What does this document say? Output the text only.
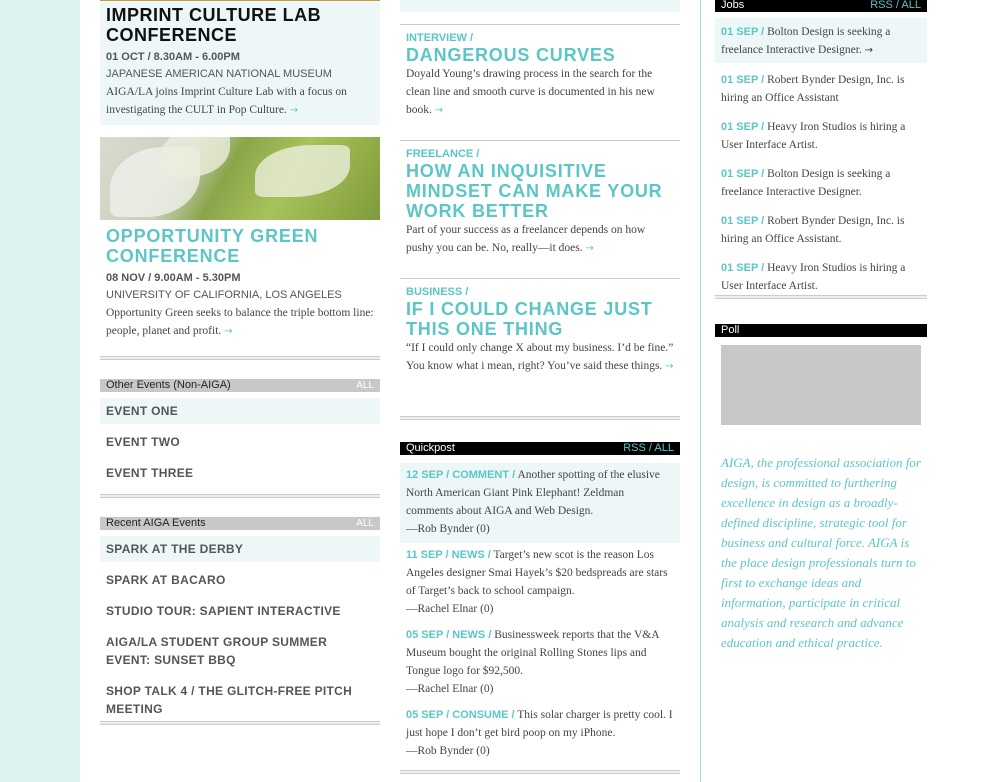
IMPRINT CULTURE LAB CONFERENCE
01 OCT / 8.30AM - 6.00PM
JAPANESE AMERICAN NATIONAL MUSEUM
AIGA/LA joins Imprint Culture Lab with a focus on investigating the CULT in Pop Culture. →
OPPORTUNITY GREEN CONFERENCE
08 NOV / 9.00AM - 5.30PM
UNIVERSITY OF CALIFORNIA, LOS ANGELES
Opportunity Green seeks to balance the triple bottom line: people, planet and profit. →
Other Events (Non-AIGA)	ALL
EVENT ONE
EVENT TWO
EVENT THREE
Recent AIGA Events	ALL
SPARK AT THE DERBY
SPARK AT BACARO
STUDIO TOUR: SAPIENT INTERACTIVE
AIGA/LA STUDENT GROUP SUMMER EVENT: SUNSET BBQ
SHOP TALK 4 / THE GLITCH-FREE PITCH MEETING
INTERVIEW /
DANGEROUS CURVES
Doyald Young’s drawing process in the search for the clean line and smooth curve is documented in his new book. →
FREELANCE /
HOW AN INQUISITIVE MINDSET CAN MAKE YOUR WORK BETTER
Part of your success as a freelancer depends on how pushy you can be. No, really—it does. →
BUSINESS /
IF I COULD CHANGE JUST THIS ONE THING
“If I could only change X about my business. I’d be fine.” You know what i mean, right? You’ve said these things. →
Quickpost	RSS / ALL
12 SEP / COMMENT / Another spotting of the elusive North American Giant Pink Elephant! Zeldman comments about AIGA and Web Design.
—Rob Bynder (0)
11 SEP / NEWS / Target’s new scot is the reason Los Angeles designer Smai Hayek’s $20 bedspreads are stars of Target’s back to school campaign.
—Rachel Elnar (0)
05 SEP / NEWS / Businessweek reports that the V&A Museum bought the original Rolling Stones lips and Tongue logo for $92,500.
—Rachel Elnar (0)
05 SEP / CONSUME / This solar charger is pretty cool. I just hope I don’t get bird poop on my iPhone.
—Rob Bynder (0)
Jobs	RSS / ALL
01 SEP / Bolton Design is seeking a freelance Interactive Designer. →
01 SEP / Robert Bynder Design, Inc. is hiring an Office Assistant
01 SEP / Heavy Iron Studios is hiring a User Interface Artist.
01 SEP / Bolton Design is seeking a freelance Interactive Designer.
01 SEP / Robert Bynder Design, Inc. is hiring an Office Assistant.
01 SEP / Heavy Iron Studios is hiring a User Interface Artist.
Poll
AIGA, the professional association for design, is committed to furthering excellence in design as a broadly-defined discipline, strategic tool for business and cultural force. AIGA is the place design professionals turn to first to exchange ideas and information, participate in critical analysis and research and advance education and ethical practice.
